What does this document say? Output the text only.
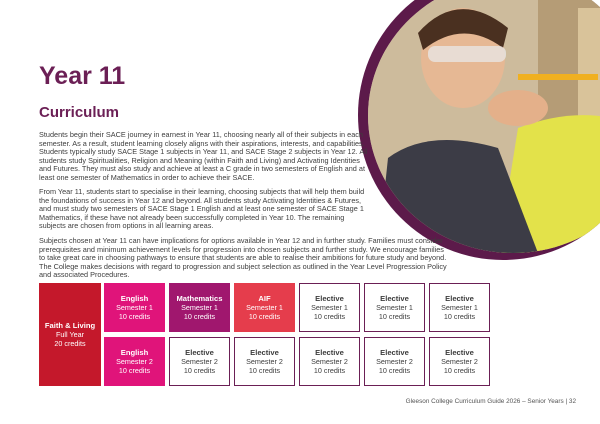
Year 11
Curriculum

Students begin their SACE journey in earnest in Year 11, choosing nearly all of their subjects in each semester. As a result, student learning closely aligns with their aspirations, interests, and capabilities. Students typically study SACE Stage 1 subjects in Year 11, and SACE Stage 2 subjects in Year 12. All students study Spiritualities, Religion and Meaning (within Faith and Living) and Activating Identities and Futures. They must also study and achieve at least a C grade in two semesters of English and at least one semester of Mathematics in order to achieve their SACE.

From Year 11, students start to specialise in their learning, choosing subjects that will help them build the foundations of success in Year 12 and beyond. All students study Activating Identities & Futures, and must study two semesters of SACE Stage 1 English and at least one semester of SACE Stage 1 Mathematics, if these have not already been successfully completed in Year 10. The remaining subjects are chosen from options in all learning areas.

Subjects chosen at Year 11 can have implications for options available in Year 12 and in further study. Families must consider prerequisites and minimum achievement levels for progression into chosen subjects and further study. We encourage families to take great care in choosing pathways to ensure that students are able to realise their ambitions for future study and beyond. The College makes decisions with regard to progression and subject selection as outlined in the Year Level Progression Policy and associated Procedures.

Faith & Living
Full Year
20 credits
English
Semester 1
10 credits
Mathematics
Semester 1
10 credits
AIF
Semester 1
10 credits
Elective
Semester 1
10 credits
Elective
Semester 1
10 credits
Elective
Semester 1
10 credits
English
Semester 2
10 credits
Elective
Semester 2
10 credits
Elective
Semester 2
10 credits
Elective
Semester 2
10 credits
Elective
Semester 2
10 credits
Elective
Semester 2
10 credits
Gleeson College Curriculum Guide 2026 – Senior Years | 32
